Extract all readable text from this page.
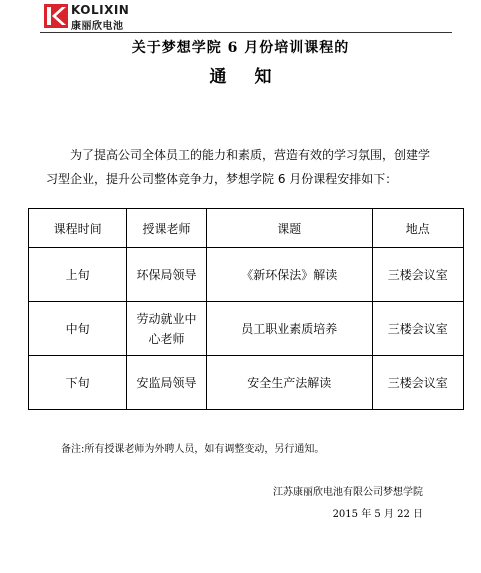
KOLIXIN
康丽欣电池
关于梦想学院 6 月份培训课程的
通知
为了提高公司全体员工的能力和素质，营造有效的学习氛围，创建学习型企业，提升公司整体竞争力，梦想学院 6 月份课程安排如下：
课程时间	授课老师	课题	地点
上旬	环保局领导	《新环保法》解读	三楼会议室
中旬	劳动就业中心老师	员工职业素质培养	三楼会议室
下旬	安监局领导	安全生产法解读	三楼会议室
备注:所有授课老师为外聘人员，如有调整变动，另行通知。
江苏康丽欣电池有限公司梦想学院
2015 年 5 月 22 日
